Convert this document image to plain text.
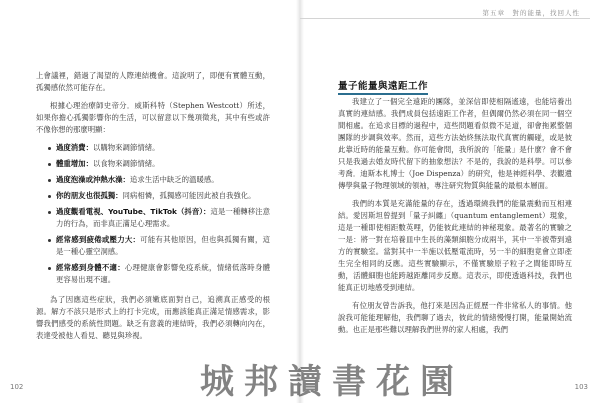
上會議裡，錯過了渴望的人際連結機會。這說明了，即便有實體互動，孤獨感依然可能存在。

根據心理治療師史帝分．威斯科特（Stephen Westcott）所述，如果你擔心孤獨影響你的生活，可以留意以下幾項徵兆，其中有些或許不像你想的那麼明顯：

過度消費：以購物來調節情緒。
體重增加：以食物來調節情緒。
過度泡澡或沖熱水澡：追求生活中缺乏的溫暖感。
你的朋友也很孤獨：同病相憐，孤獨感可能因此被自我強化。
過度觀看電視、YouTube、TikTok（抖音）：這是一種轉移注意力的行為，而非真正滿足心理需求。
經常感到疲倦或壓力大：可能有其他原因，但也與孤獨有關，這是一種心靈空洞感。
經常感到身體不適：心理健康會影響免疫系統，情緒低落時身體更容易出現不適。

為了因應這些症狀，我們必須嫩底面對自己，追溯真正感受的根源。解方不該只是形式上的打卡完成，而應該能真正滿足情感需求，影響我們感受的系統性問題。缺乏有意義的連結時，我們必須轉向內在，表達受被他人看見、聽見與珍視。

102
第五章　對的能量，找回人性
量子能量與遠距工作
103

我建立了一個完全遠距的團隊，並深信即使相隔遙遠，也能培養出真實的連結感。我們成員包括遠距工作者，但偶爾仍然必須在同一個空間相處。在追求目標的過程中，這些問題看似微不足道，卻會拖累整個團隊的步調與效率。然而，這些方法始終無法取代真實的觸碰，或是彼此靠近時的能量互動。你可能會問，我所說的「能量」是什麼？會不會只是我過去婚友時代留下的抽象想法？不是的，我說的是科學。可以參考喬．迪斯本札博士（Joe Dispenza）的研究，他是神經科學、表觀遺傳學與量子物理領域的領袖，專注研究物質與能量的最根本層面。

我們的本質是充滿能量的存在，透過環繞我們的能量震動而互相連結。愛因斯坦曾提到「量子糾纏」（quantum entanglement）現象，這是一種即使相距數英哩，仍能彼此連結的神秘現象。最著名的實驗之一是：將一對在培養皿中生長的藻類細胞分成兩半，其中一半被帶到遠方的實驗室。當對其中一半施以低壓電流時，另一半的細胞竟會立即產生完全相同的反應。這些實驗顯示，不僅實驗原子粒子之間能即時互動，活體細胞也能跨越距離同步反應。這表示，即使透過科技，我們也能真正切地感受到連結。

有位朋友曾告訴我，他打來是因為正經歷一件非常私人的事情。他說我可能能理解他，我們聊了過去，彼此的情緒慢慢打開，能量開始流動。也正是那些難以理解我們世界的家人相處，我們

城邦讀書花園
